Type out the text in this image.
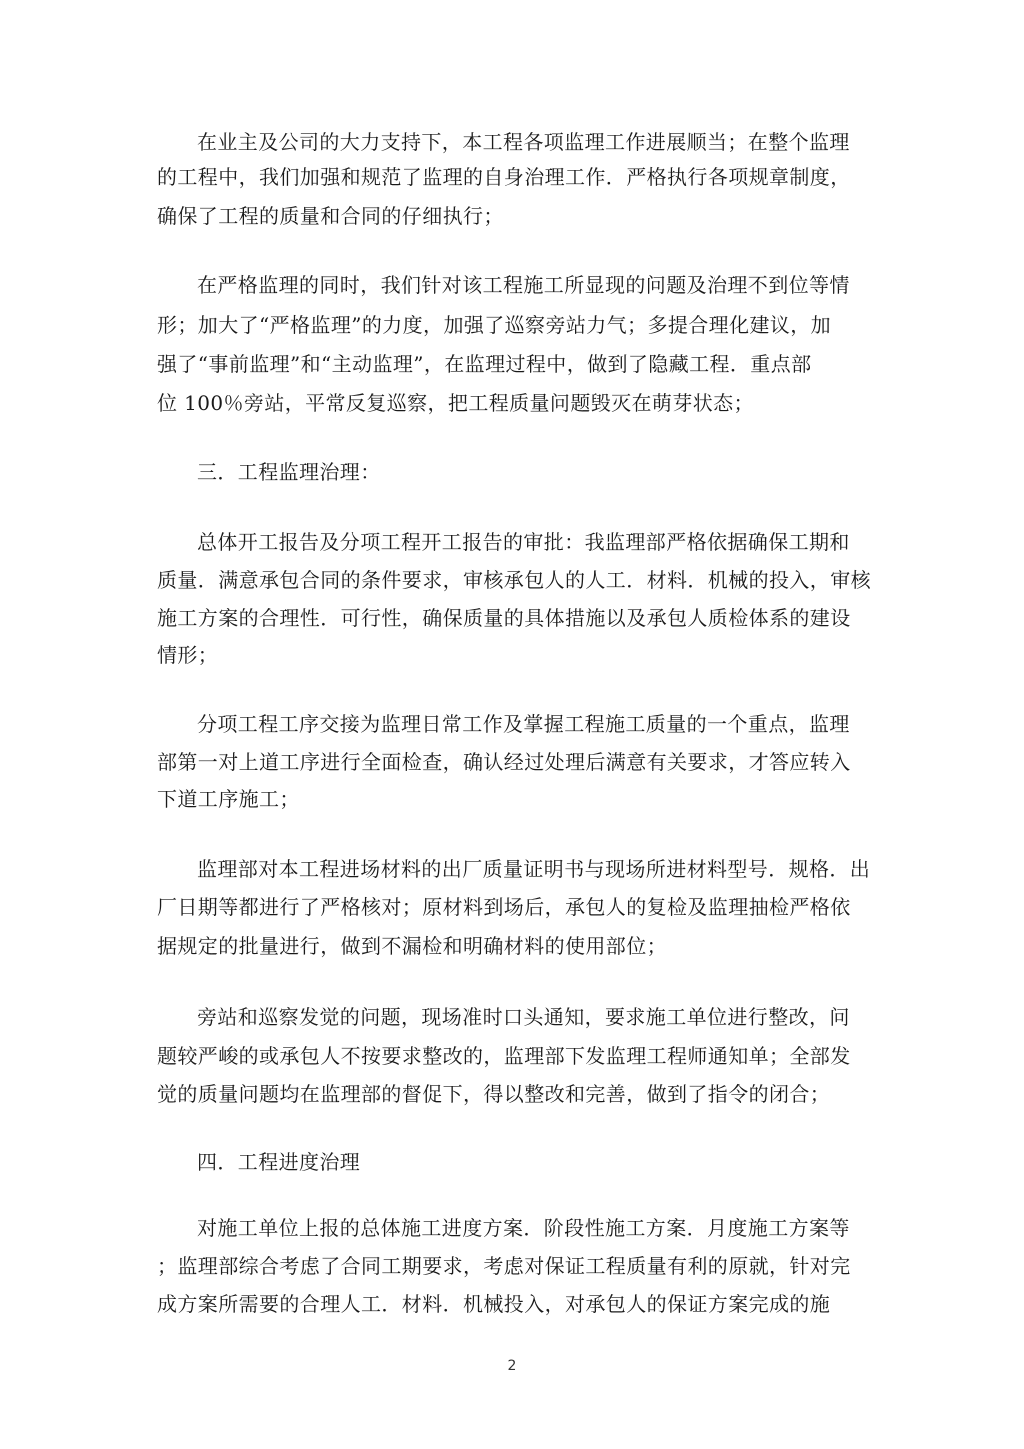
在业主及公司的大力支持下，本工程各项监理工作进展顺当；在整个监理
的工程中，我们加强和规范了监理的自身治理工作．严格执行各项规章制度，
确保了工程的质量和合同的仔细执行；
在严格监理的同时，我们针对该工程施工所显现的问题及治理不到位等情
形；加大了“严格监理”的力度，加强了巡察旁站力气；多提合理化建议，加
强了“事前监理”和“主动监理”，在监理过程中，做到了隐藏工程．重点部
位 100％旁站，平常反复巡察，把工程质量问题毁灭在萌芽状态；
三．工程监理治理：
总体开工报告及分项工程开工报告的审批：我监理部严格依据确保工期和
质量．满意承包合同的条件要求，审核承包人的人工．材料．机械的投入，审核
施工方案的合理性．可行性，确保质量的具体措施以及承包人质检体系的建设
情形；
分项工程工序交接为监理日常工作及掌握工程施工质量的一个重点，监理
部第一对上道工序进行全面检查，确认经过处理后满意有关要求，才答应转入
下道工序施工；
监理部对本工程进场材料的出厂质量证明书与现场所进材料型号．规格．出
厂日期等都进行了严格核对；原材料到场后，承包人的复检及监理抽检严格依
据规定的批量进行，做到不漏检和明确材料的使用部位；
旁站和巡察发觉的问题，现场准时口头通知，要求施工单位进行整改，问
题较严峻的或承包人不按要求整改的，监理部下发监理工程师通知单；全部发
觉的质量问题均在监理部的督促下，得以整改和完善，做到了指令的闭合；
四．工程进度治理
对施工单位上报的总体施工进度方案．阶段性施工方案．月度施工方案等
；监理部综合考虑了合同工期要求，考虑对保证工程质量有利的原就，针对完
成方案所需要的合理人工．材料．机械投入，对承包人的保证方案完成的施
2
